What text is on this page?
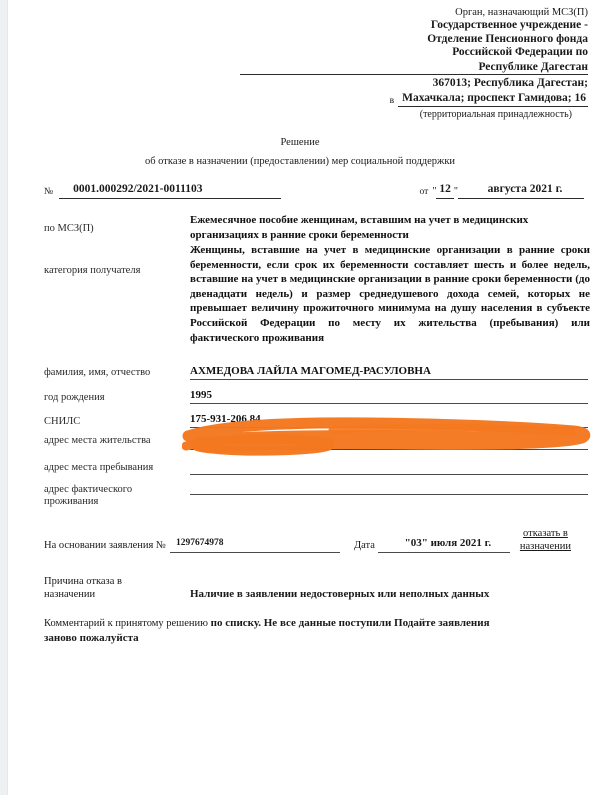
Орган, назначающий МСЗ(П)
Государственное учреждение -
Отделение Пенсионного фонда
Российской Федерации по
Республике Дагестан
367013; Республика Дагестан;
в Махачкала; проспект Гамидова; 16
(территориальная принадлежность)
Решение
об отказе в назначении (предоставлении) мер социальной поддержки
№	0001.000292/2021-0011103	от " 12 "	августа 2021 г.
по МСЗ(П)
Ежемесячное пособие женщинам, вставшим на учет в медицинских организациях в ранние сроки беременности
категория получателя
Женщины, вставшие на учет в медицинские организации в ранние сроки беременности, если срок их беременности составляет шесть и более недель, вставшие на учет в медицинские организации в ранние сроки беременности (до двенадцати недель) и размер среднедушевого дохода семей, которых не превышает величину прожиточного минимума на душу населения в субъекте Российской Федерации по месту их жительства (пребывания) или фактического проживания
фамилия, имя, отчество	АХМЕДОВА ЛАЙЛА МАГОМЕД-РАСУЛОВНА
год рождения	1995
СНИЛС	175-931-206 84
адрес места жительства
адрес места пребывания
адрес фактического
проживания
На основании заявления №	1297674978	Дата	"03" июля 2021 г.
отказать в
назначении
Причина отказа в
назначении	Наличие в заявлении недостоверных или неполных данных
Комментарий к принятому решению по списку. Не все данные поступили Подайте заявления заново пожалуйста
